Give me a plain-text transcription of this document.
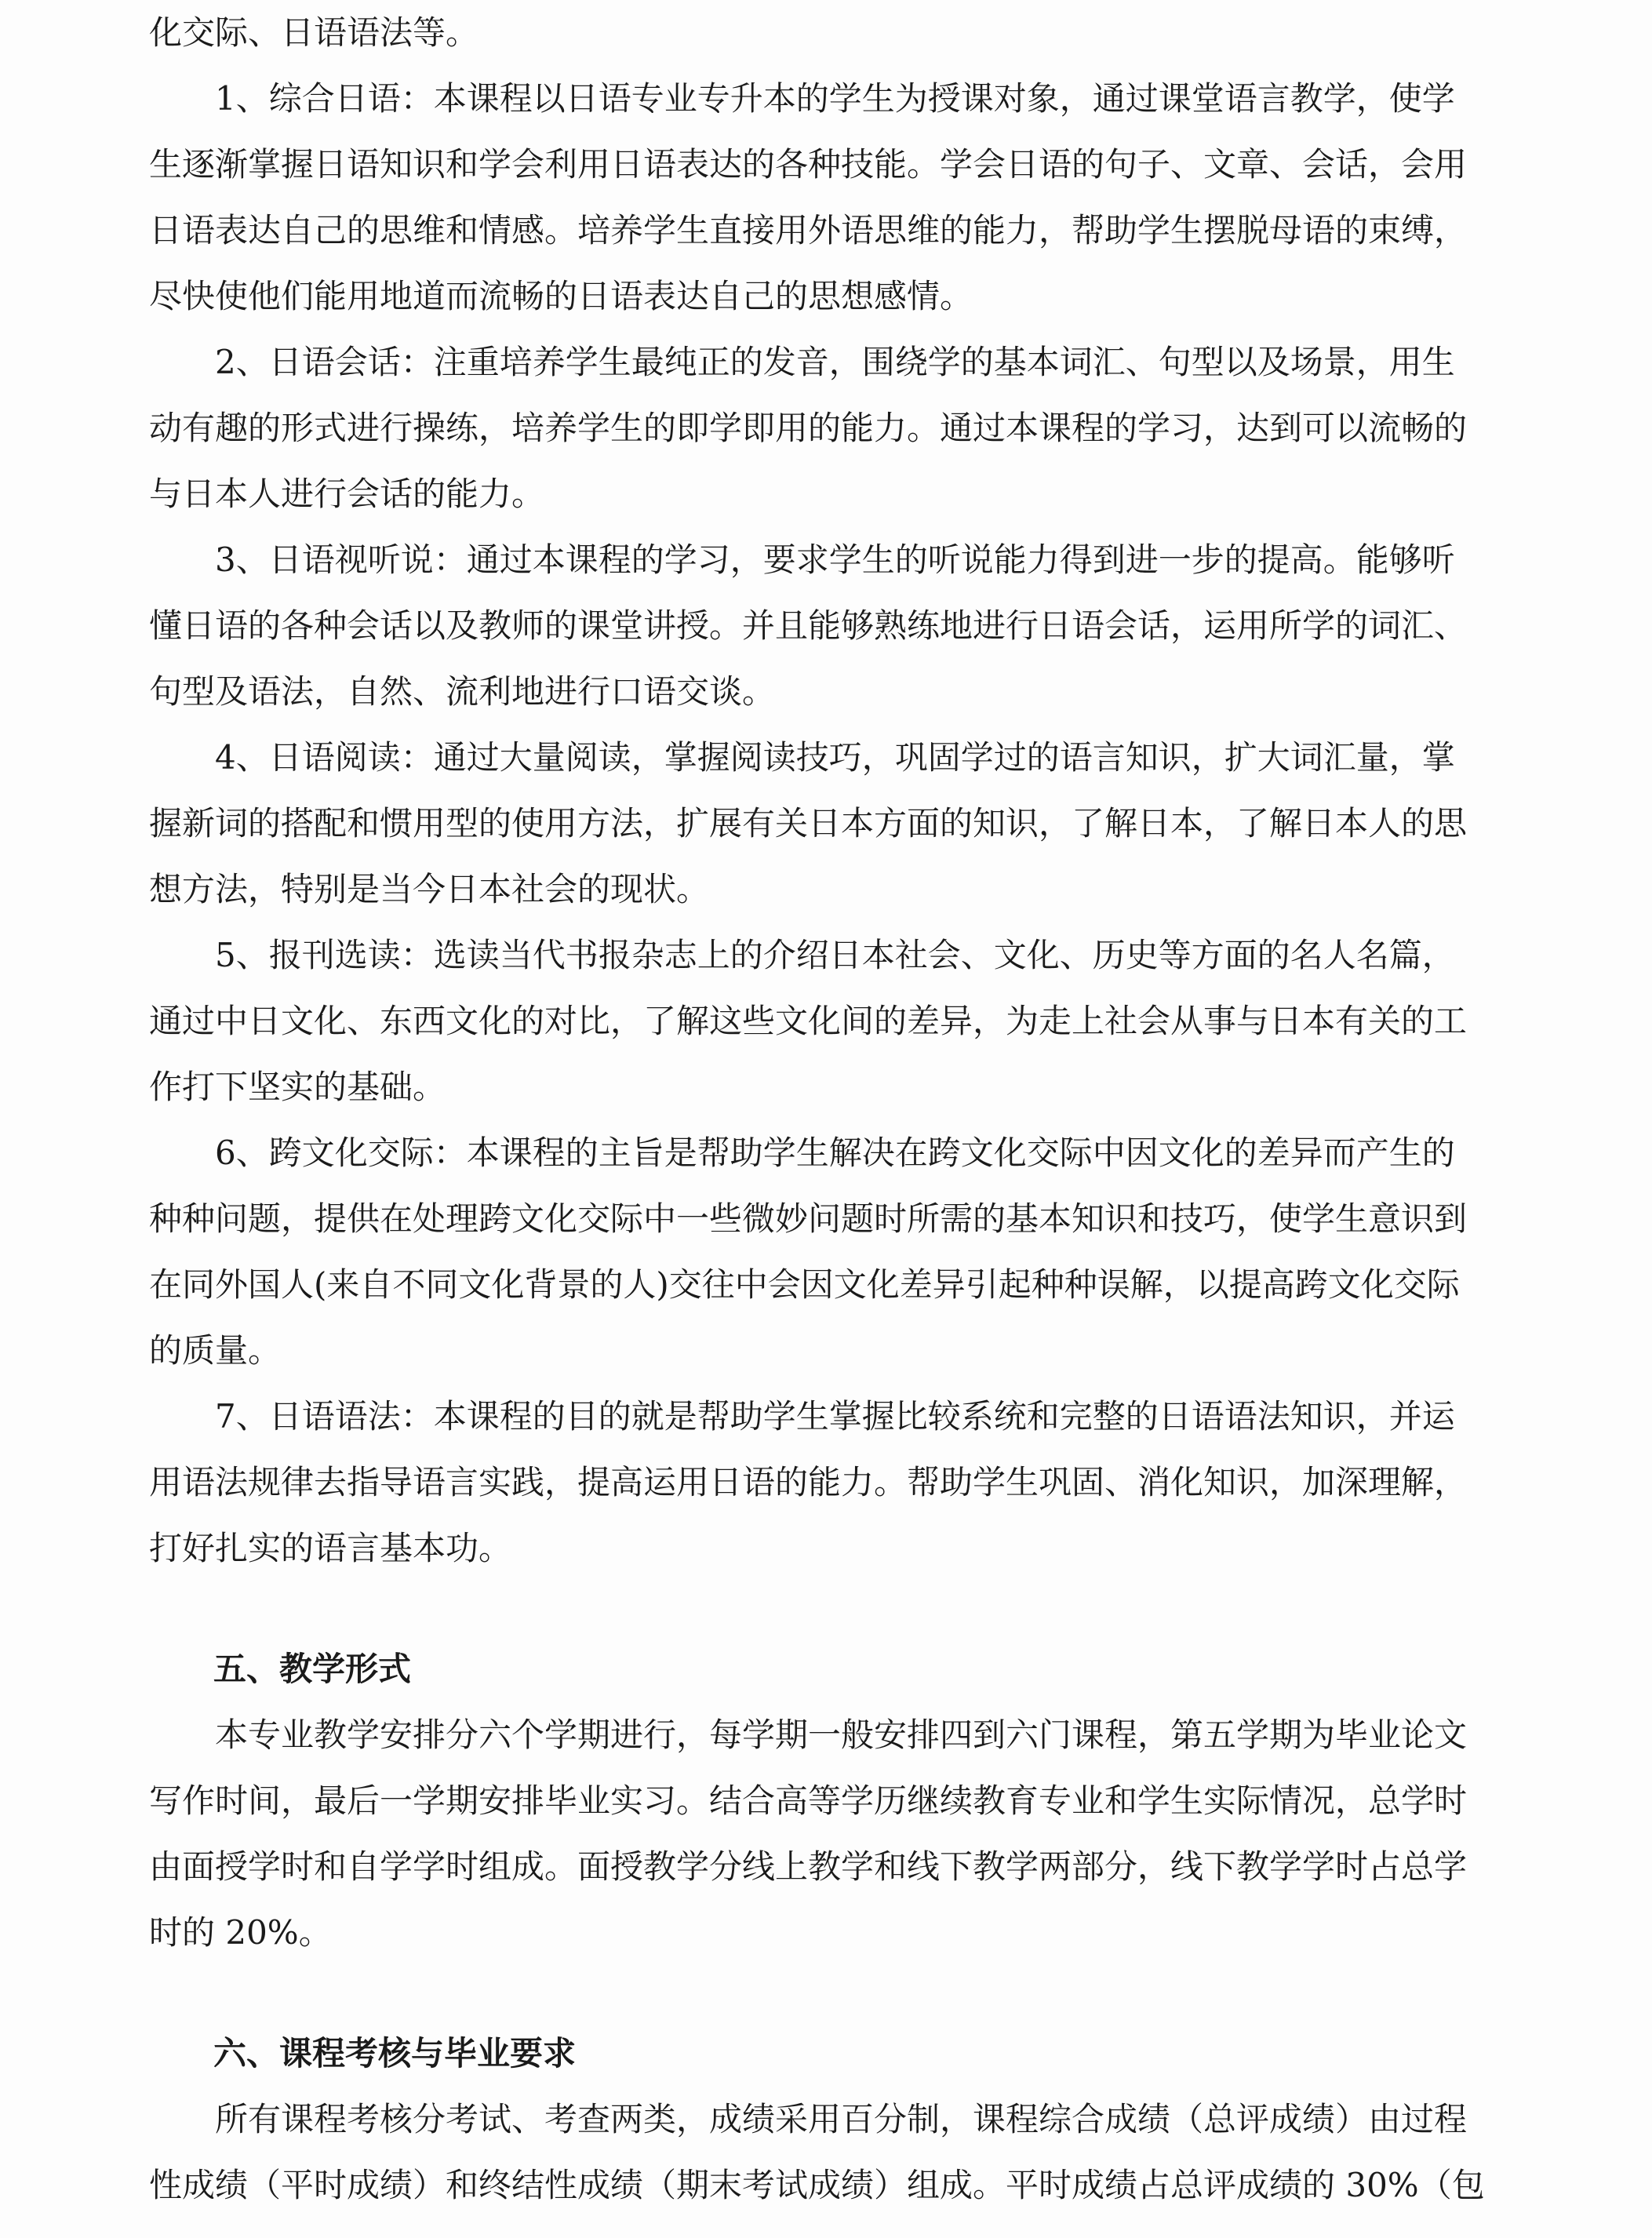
化交际、日语语法等。
1、综合日语：本课程以日语专业专升本的学生为授课对象，通过课堂语言教学，使学
生逐渐掌握日语知识和学会利用日语表达的各种技能。学会日语的句子、文章、会话，会用
日语表达自己的思维和情感。培养学生直接用外语思维的能力，帮助学生摆脱母语的束缚，
尽快使他们能用地道而流畅的日语表达自己的思想感情。
2、日语会话：注重培养学生最纯正的发音，围绕学的基本词汇、句型以及场景，用生
动有趣的形式进行操练，培养学生的即学即用的能力。通过本课程的学习，达到可以流畅的
与日本人进行会话的能力。
3、日语视听说：通过本课程的学习，要求学生的听说能力得到进一步的提高。能够听
懂日语的各种会话以及教师的课堂讲授。并且能够熟练地进行日语会话，运用所学的词汇、
句型及语法，自然、流利地进行口语交谈。
4、日语阅读：通过大量阅读，掌握阅读技巧，巩固学过的语言知识，扩大词汇量，掌
握新词的搭配和惯用型的使用方法，扩展有关日本方面的知识，了解日本，了解日本人的思
想方法，特别是当今日本社会的现状。
5、报刊选读：选读当代书报杂志上的介绍日本社会、文化、历史等方面的名人名篇，
通过中日文化、东西文化的对比，了解这些文化间的差异，为走上社会从事与日本有关的工
作打下坚实的基础。
6、跨文化交际：本课程的主旨是帮助学生解决在跨文化交际中因文化的差异而产生的
种种问题，提供在处理跨文化交际中一些微妙问题时所需的基本知识和技巧，使学生意识到
在同外国人(来自不同文化背景的人)交往中会因文化差异引起种种误解，以提高跨文化交际
的质量。
7、日语语法：本课程的目的就是帮助学生掌握比较系统和完整的日语语法知识，并运
用语法规律去指导语言实践，提高运用日语的能力。帮助学生巩固、消化知识，加深理解，
打好扎实的语言基本功。
五、教学形式
本专业教学安排分六个学期进行，每学期一般安排四到六门课程，第五学期为毕业论文
写作时间，最后一学期安排毕业实习。结合高等学历继续教育专业和学生实际情况，总学时
由面授学时和自学学时组成。面授教学分线上教学和线下教学两部分，线下教学学时占总学
时的 20%。
六、课程考核与毕业要求
所有课程考核分考试、考查两类，成绩采用百分制，课程综合成绩（总评成绩）由过程
性成绩（平时成绩）和终结性成绩（期末考试成绩）组成。平时成绩占总评成绩的 30%（包
